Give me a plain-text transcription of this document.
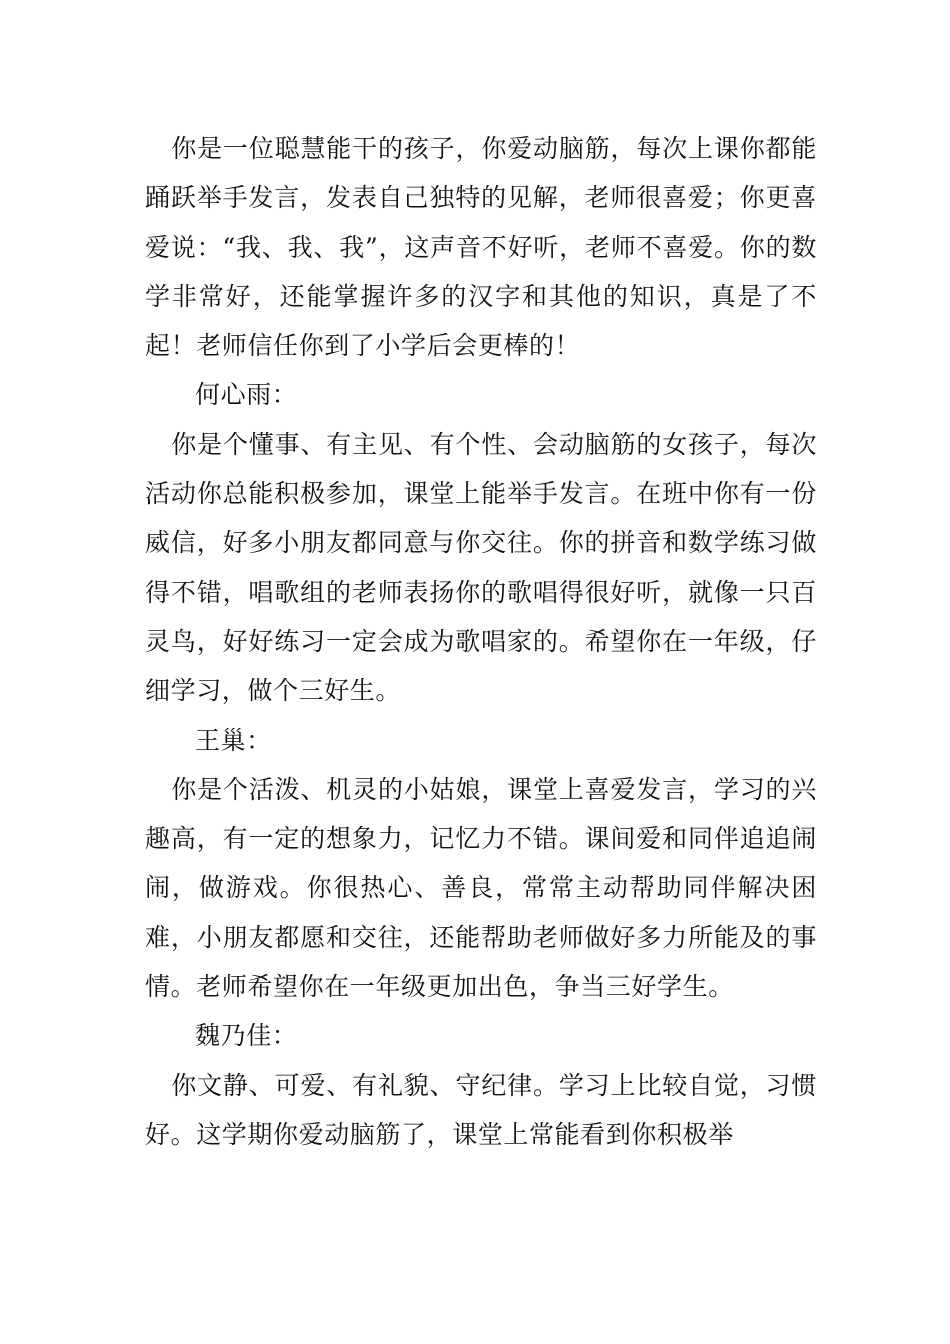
你是一位聪慧能干的孩子，你爱动脑筋，每次上课你都能踊跃举手发言，发表自己独特的见解，老师很喜爱；你更喜爱说：“我、我、我”，这声音不好听，老师不喜爱。你的数学非常好，还能掌握许多的汉字和其他的知识，真是了不起！老师信任你到了小学后会更棒的！

何心雨：

你是个懂事、有主见、有个性、会动脑筋的女孩子，每次活动你总能积极参加，课堂上能举手发言。在班中你有一份威信，好多小朋友都同意与你交往。你的拼音和数学练习做得不错，唱歌组的老师表扬你的歌唱得很好听，就像一只百灵鸟，好好练习一定会成为歌唱家的。希望你在一年级，仔细学习，做个三好生。

王巢：

你是个活泼、机灵的小姑娘，课堂上喜爱发言，学习的兴趣高，有一定的想象力，记忆力不错。课间爱和同伴追追闹闹，做游戏。你很热心、善良，常常主动帮助同伴解决困难，小朋友都愿和交往，还能帮助老师做好多力所能及的事情。老师希望你在一年级更加出色，争当三好学生。

魏乃佳：

你文静、可爱、有礼貌、守纪律。学习上比较自觉，习惯好。这学期你爱动脑筋了，课堂上常能看到你积极举
